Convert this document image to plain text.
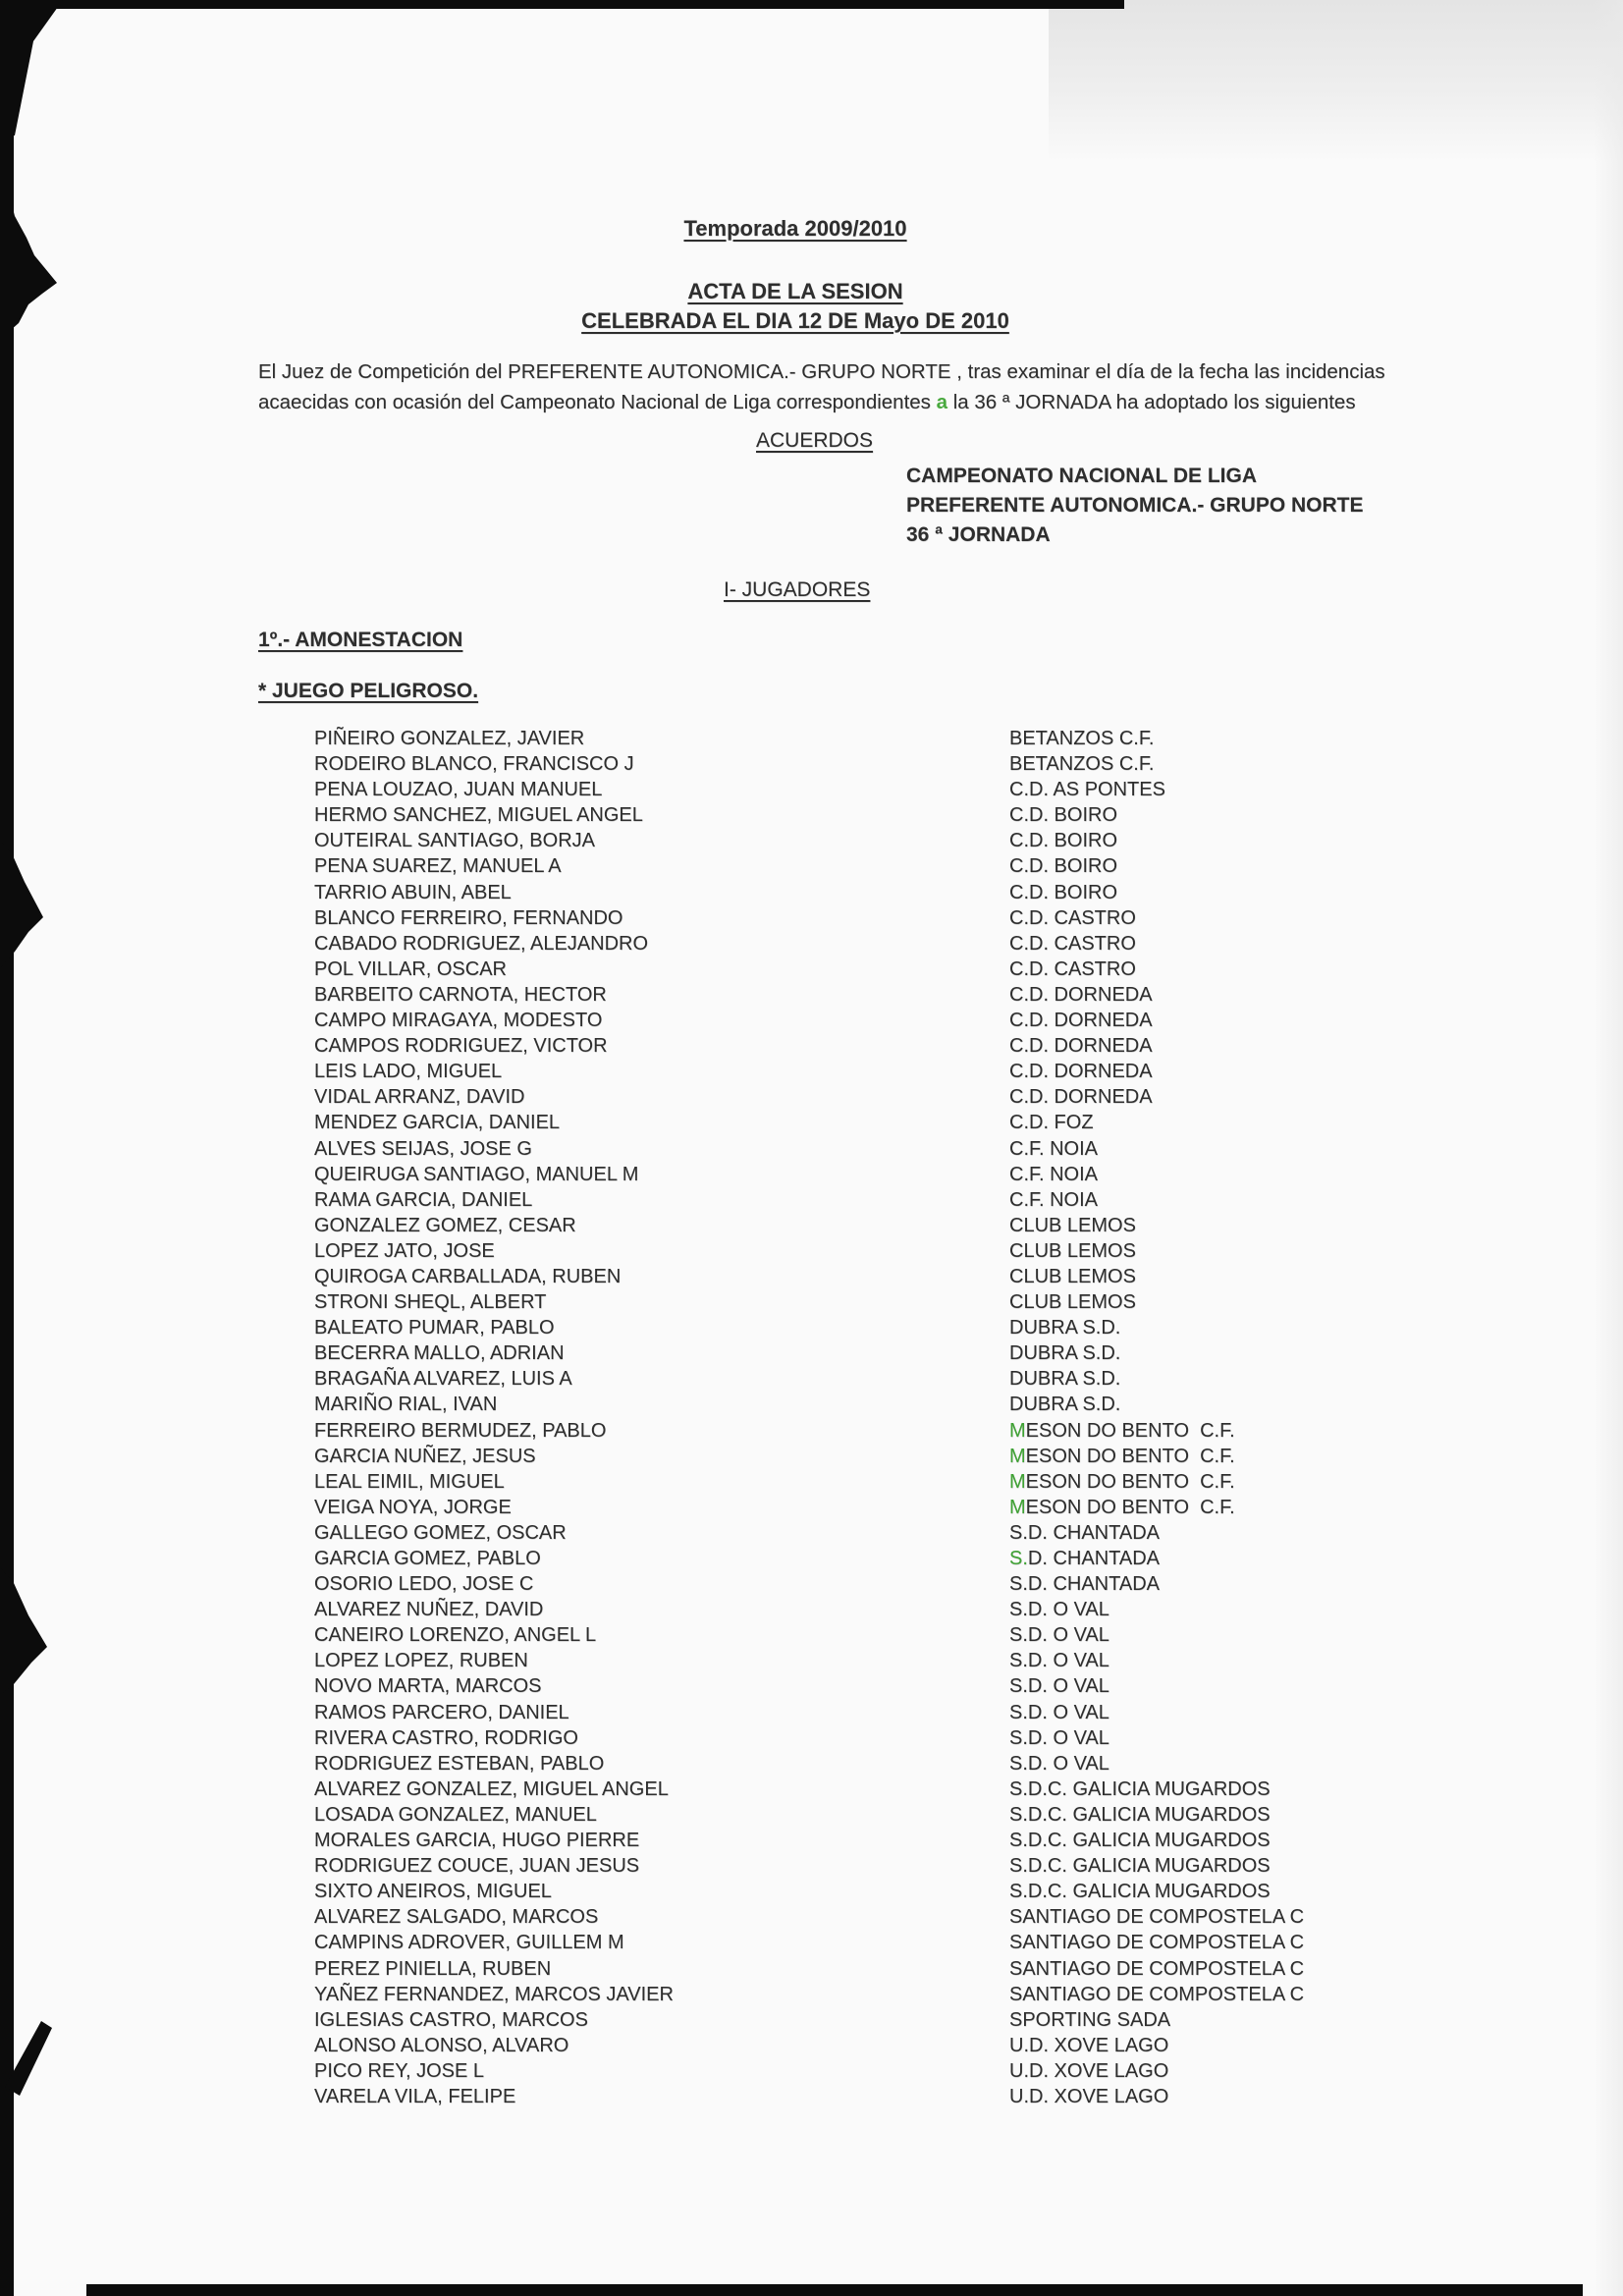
Temporada 2009/2010
ACTA DE LA SESION
CELEBRADA EL DIA 12 DE Mayo DE 2010
El Juez de Competición del PREFERENTE AUTONOMICA.- GRUPO NORTE , tras examinar el día de la fecha las incidencias
acaecidas con ocasión del Campeonato Nacional de Liga correspondientes a la 36 ª JORNADA ha adoptado los siguientes
ACUERDOS
CAMPEONATO NACIONAL DE LIGA
PREFERENTE AUTONOMICA.- GRUPO NORTE
36 ª JORNADA
I- JUGADORES
1º.- AMONESTACION
* JUEGO PELIGROSO.
PIÑEIRO GONZALEZ, JAVIER	BETANZOS C.F.
RODEIRO BLANCO, FRANCISCO J	BETANZOS C.F.
PENA LOUZAO, JUAN MANUEL	C.D. AS PONTES
HERMO SANCHEZ, MIGUEL ANGEL	C.D. BOIRO
OUTEIRAL SANTIAGO, BORJA	C.D. BOIRO
PENA SUAREZ, MANUEL A	C.D. BOIRO
TARRIO ABUIN, ABEL	C.D. BOIRO
BLANCO FERREIRO, FERNANDO	C.D. CASTRO
CABADO RODRIGUEZ, ALEJANDRO	C.D. CASTRO
POL VILLAR, OSCAR	C.D. CASTRO
BARBEITO CARNOTA, HECTOR	C.D. DORNEDA
CAMPO MIRAGAYA, MODESTO	C.D. DORNEDA
CAMPOS RODRIGUEZ, VICTOR	C.D. DORNEDA
LEIS LADO, MIGUEL	C.D. DORNEDA
VIDAL ARRANZ, DAVID	C.D. DORNEDA
MENDEZ GARCIA, DANIEL	C.D. FOZ
ALVES SEIJAS, JOSE G	C.F. NOIA
QUEIRUGA SANTIAGO, MANUEL M	C.F. NOIA
RAMA GARCIA, DANIEL	C.F. NOIA
GONZALEZ GOMEZ, CESAR	CLUB LEMOS
LOPEZ JATO, JOSE	CLUB LEMOS
QUIROGA CARBALLADA, RUBEN	CLUB LEMOS
STRONI SHEQL, ALBERT	CLUB LEMOS
BALEATO PUMAR, PABLO	DUBRA S.D.
BECERRA MALLO, ADRIAN	DUBRA S.D.
BRAGAÑA ALVAREZ, LUIS A	DUBRA S.D.
MARIÑO RIAL, IVAN	DUBRA S.D.
FERREIRO BERMUDEZ, PABLO	MESON DO BENTO  C.F.
GARCIA NUÑEZ, JESUS	MESON DO BENTO  C.F.
LEAL EIMIL, MIGUEL	MESON DO BENTO  C.F.
VEIGA NOYA, JORGE	MESON DO BENTO  C.F.
GALLEGO GOMEZ, OSCAR	S.D. CHANTADA
GARCIA GOMEZ, PABLO	S.D. CHANTADA
OSORIO LEDO, JOSE C	S.D. CHANTADA
ALVAREZ NUÑEZ, DAVID	S.D. O VAL
CANEIRO LORENZO, ANGEL L	S.D. O VAL
LOPEZ LOPEZ, RUBEN	S.D. O VAL
NOVO MARTA, MARCOS	S.D. O VAL
RAMOS PARCERO, DANIEL	S.D. O VAL
RIVERA CASTRO, RODRIGO	S.D. O VAL
RODRIGUEZ ESTEBAN, PABLO	S.D. O VAL
ALVAREZ GONZALEZ, MIGUEL ANGEL	S.D.C. GALICIA MUGARDOS
LOSADA GONZALEZ, MANUEL	S.D.C. GALICIA MUGARDOS
MORALES GARCIA, HUGO PIERRE	S.D.C. GALICIA MUGARDOS
RODRIGUEZ COUCE, JUAN JESUS	S.D.C. GALICIA MUGARDOS
SIXTO ANEIROS, MIGUEL	S.D.C. GALICIA MUGARDOS
ALVAREZ SALGADO, MARCOS	SANTIAGO DE COMPOSTELA C
CAMPINS ADROVER, GUILLEM M	SANTIAGO DE COMPOSTELA C
PEREZ PINIELLA, RUBEN	SANTIAGO DE COMPOSTELA C
YAÑEZ FERNANDEZ, MARCOS JAVIER	SANTIAGO DE COMPOSTELA C
IGLESIAS CASTRO, MARCOS	SPORTING SADA
ALONSO ALONSO, ALVARO	U.D. XOVE LAGO
PICO REY, JOSE L	U.D. XOVE LAGO
VARELA VILA, FELIPE	U.D. XOVE LAGO
